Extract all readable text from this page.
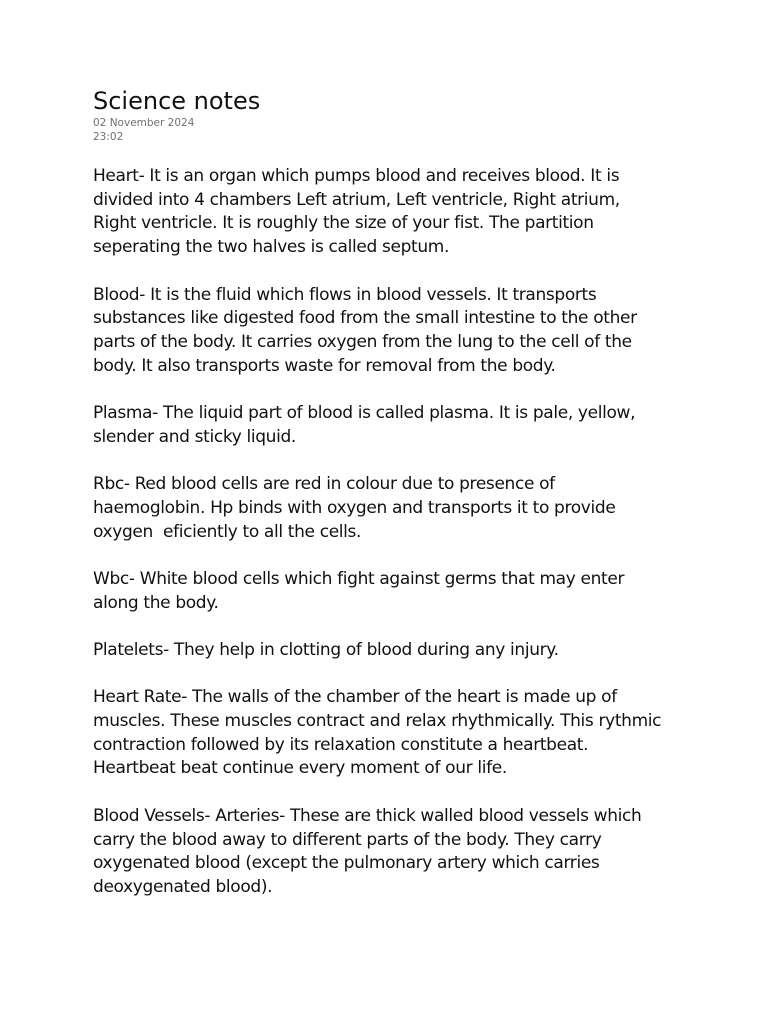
Science notes
02 November 2024
23:02
Heart- It is an organ which pumps blood and receives blood. It is
divided into 4 chambers Left atrium, Left ventricle, Right atrium,
Right ventricle. It is roughly the size of your fist. The partition
seperating the two halves is called septum.
Blood- It is the fluid which flows in blood vessels. It transports
substances like digested food from the small intestine to the other
parts of the body. It carries oxygen from the lung to the cell of the
body. It also transports waste for removal from the body.
Plasma- The liquid part of blood is called plasma. It is pale, yellow,
slender and sticky liquid.
Rbc- Red blood cells are red in colour due to presence of
haemoglobin. Hp binds with oxygen and transports it to provide
oxygen  eficiently to all the cells.
Wbc- White blood cells which fight against germs that may enter
along the body.
Platelets- They help in clotting of blood during any injury.
Heart Rate- The walls of the chamber of the heart is made up of
muscles. These muscles contract and relax rhythmically. This rythmic
contraction followed by its relaxation constitute a heartbeat.
Heartbeat beat continue every moment of our life.
Blood Vessels- Arteries- These are thick walled blood vessels which
carry the blood away to different parts of the body. They carry
oxygenated blood (except the pulmonary artery which carries
deoxygenated blood).
